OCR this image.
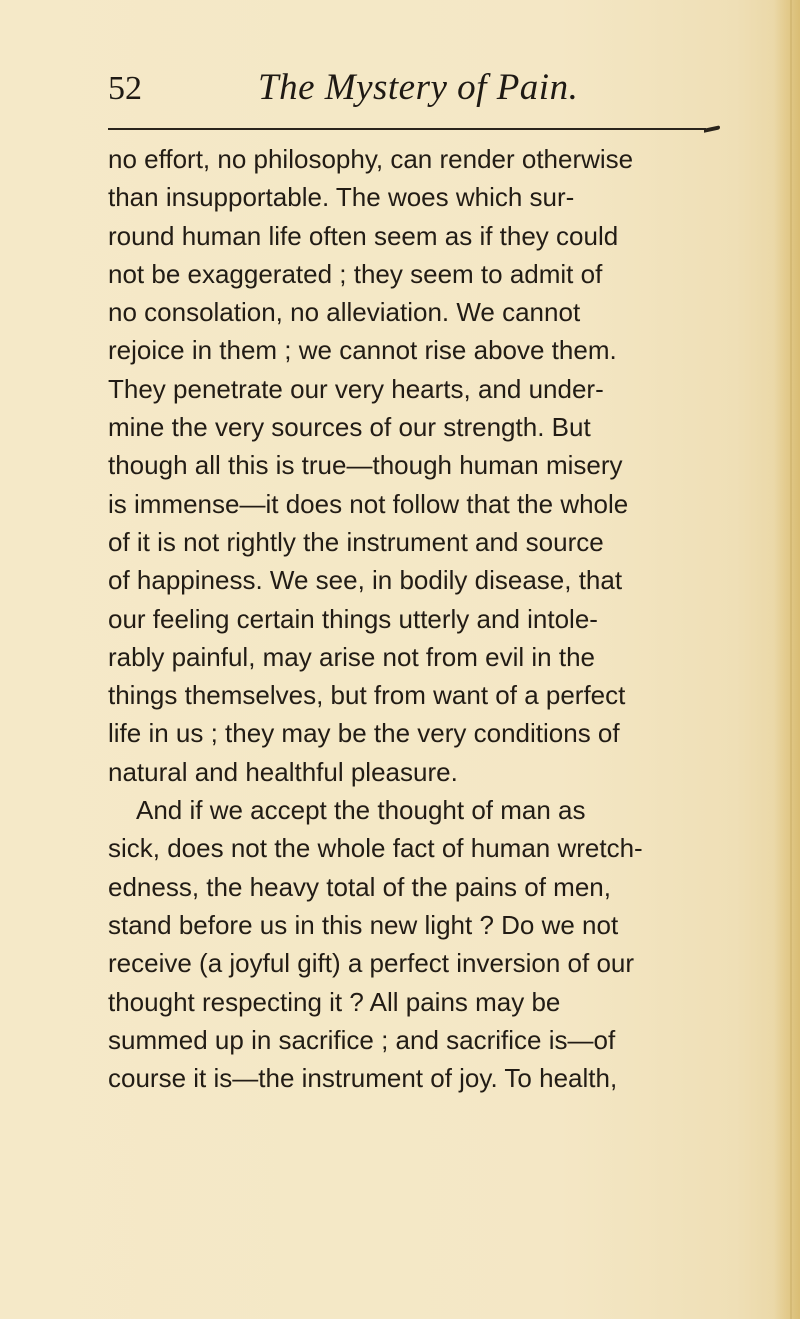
52	The Mystery of Pain.
no effort, no philosophy, can render otherwise
than insupportable. The woes which sur-
round human life often seem as if they could
not be exaggerated ; they seem to admit of
no consolation, no alleviation. We cannot
rejoice in them ; we cannot rise above them.
They penetrate our very hearts, and under-
mine the very sources of our strength. But
though all this is true—though human misery
is immense—it does not follow that the whole
of it is not rightly the instrument and source
of happiness. We see, in bodily disease, that
our feeling certain things utterly and intole-
rably painful, may arise not from evil in the
things themselves, but from want of a perfect
life in us ; they may be the very conditions of
natural and healthful pleasure.
And if we accept the thought of man as
sick, does not the whole fact of human wretch-
edness, the heavy total of the pains of men,
stand before us in this new light ? Do we not
receive (a joyful gift) a perfect inversion of our
thought respecting it ? All pains may be
summed up in sacrifice ; and sacrifice is—of
course it is—the instrument of joy. To health,
